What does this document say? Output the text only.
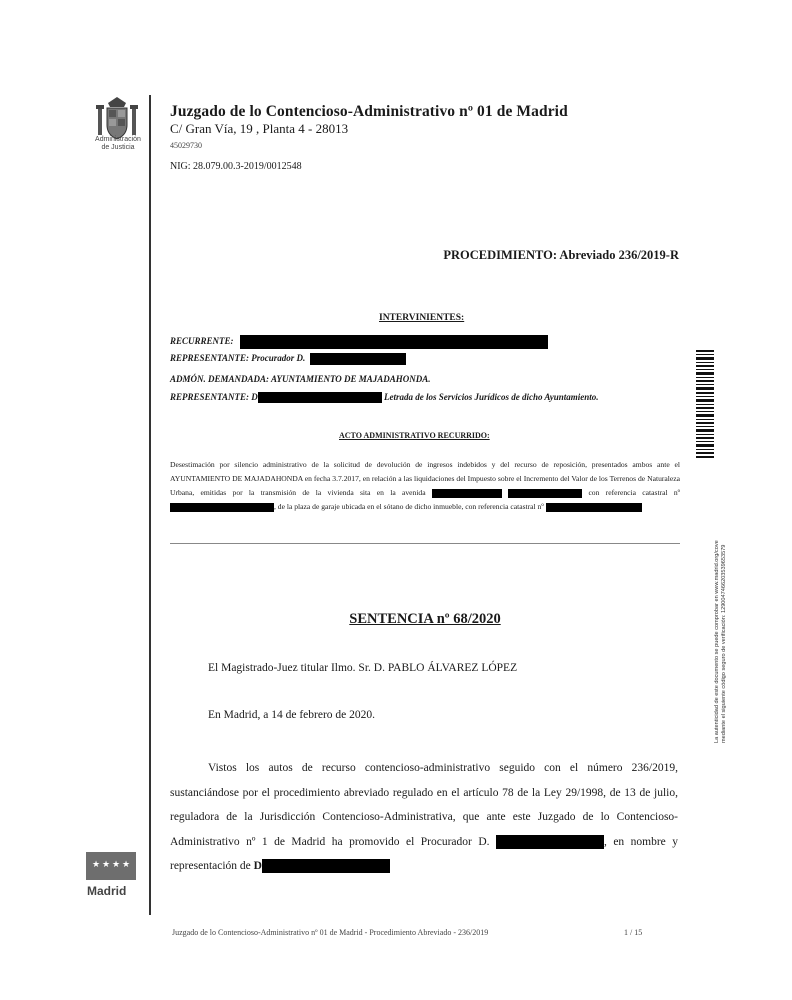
Administración
de Justicia
Juzgado de lo Contencioso-Administrativo nº 01 de Madrid
C/ Gran Vía, 19 , Planta 4 - 28013
45029730
NIG: 28.079.00.3-2019/0012548
PROCEDIMIENTO: Abreviado 236/2019-R
INTERVINIENTES:
RECURRENTE:
REPRESENTANTE: Procurador D.
ADMÓN. DEMANDADA: AYUNTAMIENTO DE MAJADAHONDA.
REPRESENTANTE: D	Letrada de los Servicios Jurídicos de dicho Ayuntamiento.
ACTO ADMINISTRATIVO RECURRIDO:
Desestimación por silencio administrativo de la solicitud de devolución de ingresos indebidos y del recurso de reposición, presentados ambos ante el AYUNTAMIENTO DE MAJADAHONDA en fecha 3.7.2017, en relación a las liquidaciones del Impuesto sobre el Incremento del Valor de los Terrenos de Naturaleza Urbana, emitidas por la transmisión de la vivienda sita en la avenida	con referencia catastral nº , de la plaza de garaje ubicada en el sótano de dicho inmueble, con referencia catastral nº
SENTENCIA nº 68/2020
El Magistrado-Juez titular Ilmo. Sr. D. PABLO ÁLVAREZ LÓPEZ
En Madrid, a 14 de febrero de 2020.
Vistos los autos de recurso contencioso-administrativo seguido con el número 236/2019, sustanciándose por el procedimiento abreviado regulado en el artículo 78 de la Ley 29/1998, de 13 de julio, reguladora de la Jurisdicción Contencioso-Administrativa, que ante este Juzgado de lo Contencioso-Administrativo nº 1 de Madrid ha promovido el Procurador D.	, en nombre y representación de D
La autenticidad de este documento se puede comprobar en www.madrid.org/cove mediante el siguiente código seguro de verificación: 1290047466203539653579
★ ★ ★ ★
Madrid
Juzgado de lo Contencioso-Administrativo nº 01 de Madrid - Procedimiento Abreviado - 236/2019	1 / 15
